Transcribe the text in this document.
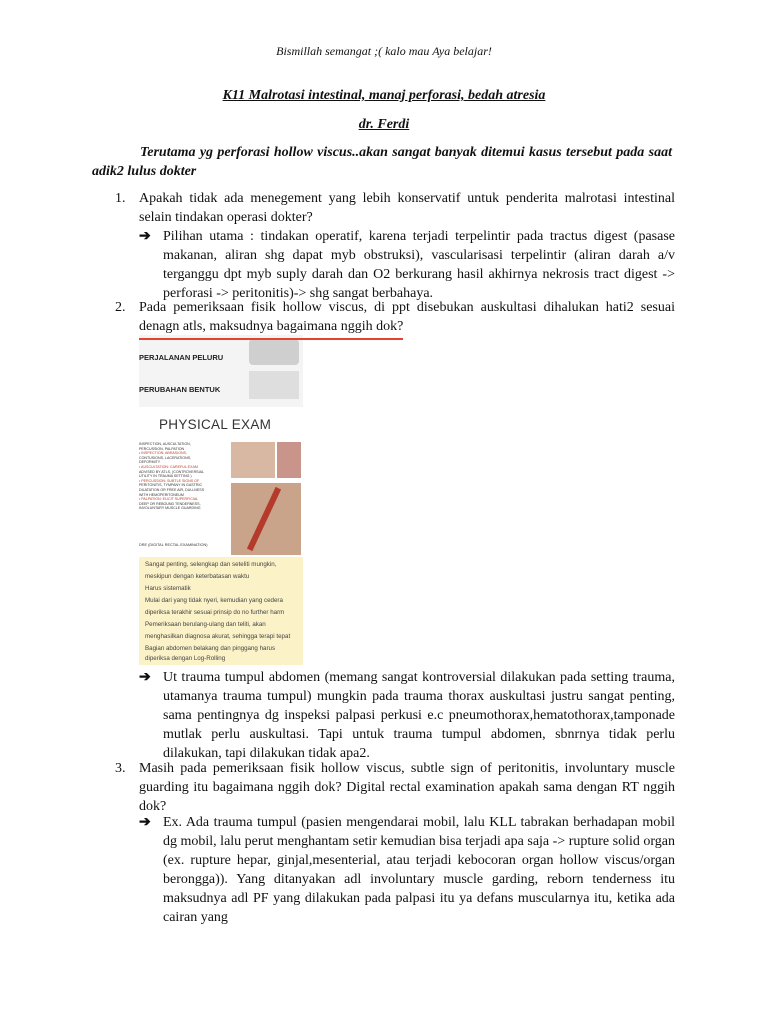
Bismillah semangat ;( kalo mau Aya belajar!
K11 Malrotasi intestinal, manaj perforasi, bedah atresia
dr. Ferdi

Terutama yg perforasi hollow viscus..akan sangat banyak ditemui kasus tersebut pada saat adik2 lulus dokter

1. Apakah tidak ada menegement yang lebih konservatif untuk penderita malrotasi intestinal selain tindakan operasi dokter?
➔ Pilihan utama : tindakan operatif, karena terjadi terpelintir pada tractus digest (pasase makanan, aliran shg dapat myb obstruksi), vascularisasi terpelintir (aliran darah a/v terganggu dpt myb suply darah dan O2 berkurang hasil akhirnya nekrosis tract digest -> perforasi -> peritonitis)-> shg sangat berbahaya.
2. Pada pemeriksaan fisik hollow viscus, di ppt disebukan auskultasi dihalukan hati2 sesuai denagn atls, maksudnya bagaimana nggih dok?
PERJALANAN PELURU
PERUBAHAN BENTUK
PHYSICAL EXAM
INSPECTION, AUSCULTATION,
PERCUSSION, PALPATION
• INSPECTION: ABRASIONS,
CONTUSIONS, LACERATIONS,
DEFORMITY
• AUSCULTATION: CAREFUL EXAM
ADVISED BY ATLS, (CONTROVERSIAL
UTILITY IN TRAUMA SETTING )
• PERCUSSION: SUBTLE SIGNS OF
PERITONITIS, TYMPANY IN GASTRIC
DILATATION OR FREE AIR, DULLNESS
WITH HEMOPERITONEUM
• PALPATION: ELICIT SUPERFICIAL
DEEP OR REBOUND TENDERNESS,
INVOLUNTARY MUSCLE GUARDING
DRE (DIGITAL RECTAL EXAMINATION)
Sangat penting, selengkap dan seteliti mungkin,
meskipun dengan keterbatasan waktu
Harus sistematik
Mulai dari yang tidak nyeri, kemudian yang cedera
diperiksa terakhir sesuai prinsip do no further harm
Pemeriksaan berulang-ulang dan teliti, akan
menghasilkan diagnosa akurat, sehingga terapi tepat
Bagian abdomen belakang dan pinggang harus
diperiksa dengan Log-Rolling
➔ Ut trauma tumpul abdomen (memang sangat kontroversial dilakukan pada setting trauma, utamanya trauma tumpul) mungkin pada trauma thorax auskultasi justru sangat penting, sama pentingnya dg inspeksi palpasi perkusi e.c pneumothorax,hematothorax,tamponade mutlak perlu auskultasi. Tapi untuk trauma tumpul abdomen, sbnrnya tidak perlu dilakukan, tapi dilakukan tidak apa2.
3. Masih pada pemeriksaan fisik hollow viscus, subtle sign of peritonitis, involuntary muscle guarding itu bagaimana nggih dok? Digital rectal examination apakah sama dengan RT nggih dok?
➔ Ex. Ada trauma tumpul (pasien mengendarai mobil, lalu KLL tabrakan berhadapan mobil dg mobil, lalu perut menghantam setir kemudian bisa terjadi apa saja -> rupture solid organ (ex. rupture hepar, ginjal,mesenterial, atau terjadi kebocoran organ hollow viscus/organ berongga)). Yang ditanyakan adl involuntary muscle garding, reborn tenderness itu maksudnya adl PF yang dilakukan pada palpasi itu ya defans muscularnya itu, ketika ada cairan yang
